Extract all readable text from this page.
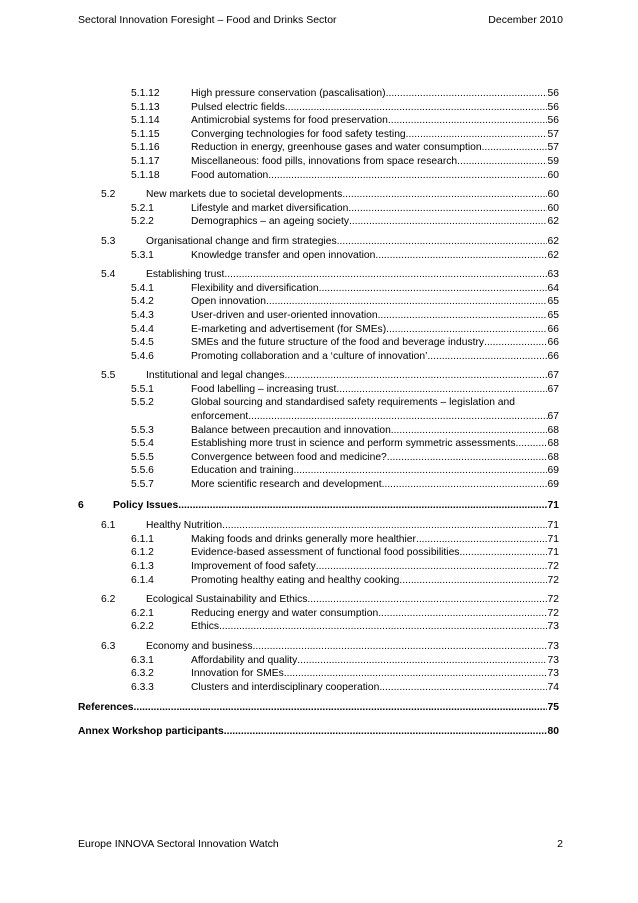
Sectoral Innovation Foresight – Food and Drinks Sector	December 2010
5.1.12	High pressure conservation (pascalisation) .....	56
5.1.13	Pulsed electric fields .....	56
5.1.14	Antimicrobial systems for food preservation .....	56
5.1.15	Converging technologies for food safety testing .....	57
5.1.16	Reduction in energy, greenhouse gases and water consumption .....	57
5.1.17	Miscellaneous: food pills, innovations from space research .....	59
5.1.18	Food automation .....	60
5.2	New markets due to societal developments .....	60
5.2.1	Lifestyle and market diversification .....	60
5.2.2	Demographics – an ageing society .....	62
5.3	Organisational change and firm strategies .....	62
5.3.1	Knowledge transfer and open innovation .....	62
5.4	Establishing trust .....	63
5.4.1	Flexibility and diversification .....	64
5.4.2	Open innovation .....	65
5.4.3	User-driven and user-oriented innovation .....	65
5.4.4	E-marketing and advertisement (for SMEs) .....	66
5.4.5	SMEs and the future structure of the food and beverage industry .....	66
5.4.6	Promoting collaboration and a ‘culture of innovation’ .....	66
5.5	Institutional and legal changes .....	67
5.5.1	Food labelling – increasing trust .....	67
5.5.2	Global sourcing and standardised safety requirements – legislation and
enforcement .....	67
5.5.3	Balance between precaution and innovation .....	68
5.5.4	Establishing more trust in science and perform symmetric assessments .....	68
5.5.5	Convergence between food and medicine? .....	68
5.5.6	Education and training .....	69
5.5.7	More scientific research and development .....	69
6	Policy Issues .....	71
6.1	Healthy Nutrition .....	71
6.1.1	Making foods and drinks generally more healthier .....	71
6.1.2	Evidence-based assessment of functional food possibilities .....	71
6.1.3	Improvement of food safety .....	72
6.1.4	Promoting healthy eating and healthy cooking .....	72
6.2	Ecological Sustainability and Ethics .....	72
6.2.1	Reducing energy and water consumption .....	72
6.2.2	Ethics .....	73
6.3	Economy and business .....	73
6.3.1	Affordability and quality .....	73
6.3.2	Innovation for SMEs .....	73
6.3.3	Clusters and interdisciplinary cooperation .....	74
References .....	75
Annex Workshop participants .....	80
Europe INNOVA Sectoral Innovation Watch	2
